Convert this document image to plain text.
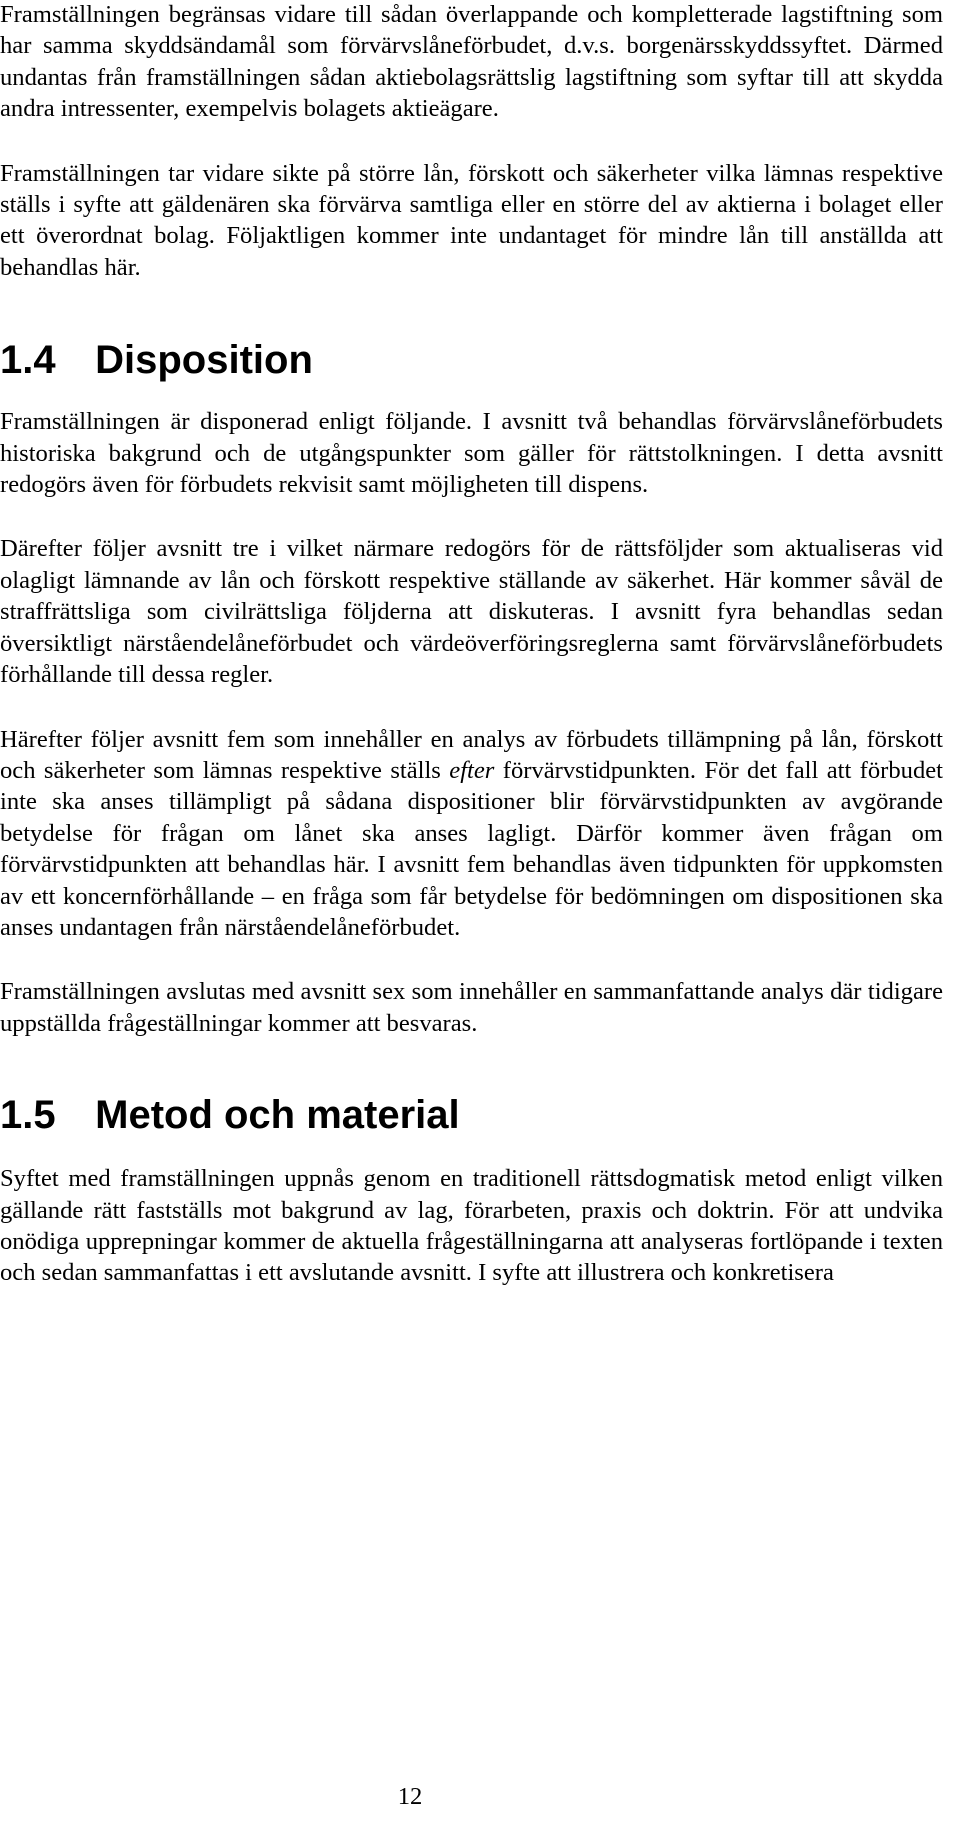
Framställningen begränsas vidare till sådan överlappande och kompletterade lagstiftning som har samma skyddsändamål som förvärvslåneförbudet, d.v.s. borgenärsskyddssyftet. Därmed undantas från framställningen sådan aktiebolagsrättslig lagstiftning som syftar till att skydda andra intressenter, exempelvis bolagets aktieägare.

Framställningen tar vidare sikte på större lån, förskott och säkerheter vilka lämnas respektive ställs i syfte att gäldenären ska förvärva samtliga eller en större del av aktierna i bolaget eller ett överordnat bolag. Följaktligen kommer inte undantaget för mindre lån till anställda att behandlas här.

1.4 Disposition

Framställningen är disponerad enligt följande. I avsnitt två behandlas förvärvslåneförbudets historiska bakgrund och de utgångspunkter som gäller för rättstolkningen. I detta avsnitt redogörs även för förbudets rekvisit samt möjligheten till dispens.

Därefter följer avsnitt tre i vilket närmare redogörs för de rättsföljder som aktualiseras vid olagligt lämnande av lån och förskott respektive ställande av säkerhet. Här kommer såväl de straffrättsliga som civilrättsliga följderna att diskuteras. I avsnitt fyra behandlas sedan översiktligt närståendelåneförbudet och värdeöverföringsreglerna samt förvärvslåneförbudets förhållande till dessa regler.

Härefter följer avsnitt fem som innehåller en analys av förbudets tillämpning på lån, förskott och säkerheter som lämnas respektive ställs efter förvärvstidpunkten. För det fall att förbudet inte ska anses tillämpligt på sådana dispositioner blir förvärvstidpunkten av avgörande betydelse för frågan om lånet ska anses lagligt. Därför kommer även frågan om förvärvstidpunkten att behandlas här. I avsnitt fem behandlas även tidpunkten för uppkomsten av ett koncernförhållande – en fråga som får betydelse för bedömningen om dispositionen ska anses undantagen från närståendelåneförbudet.

Framställningen avslutas med avsnitt sex som innehåller en sammanfattande analys där tidigare uppställda frågeställningar kommer att besvaras.

1.5 Metod och material

Syftet med framställningen uppnås genom en traditionell rättsdogmatisk metod enligt vilken gällande rätt fastställs mot bakgrund av lag, förarbeten, praxis och doktrin. För att undvika onödiga upprepningar kommer de aktuella frågeställningarna att analyseras fortlöpande i texten och sedan sammanfattas i ett avslutande avsnitt. I syfte att illustrera och konkretisera

12
